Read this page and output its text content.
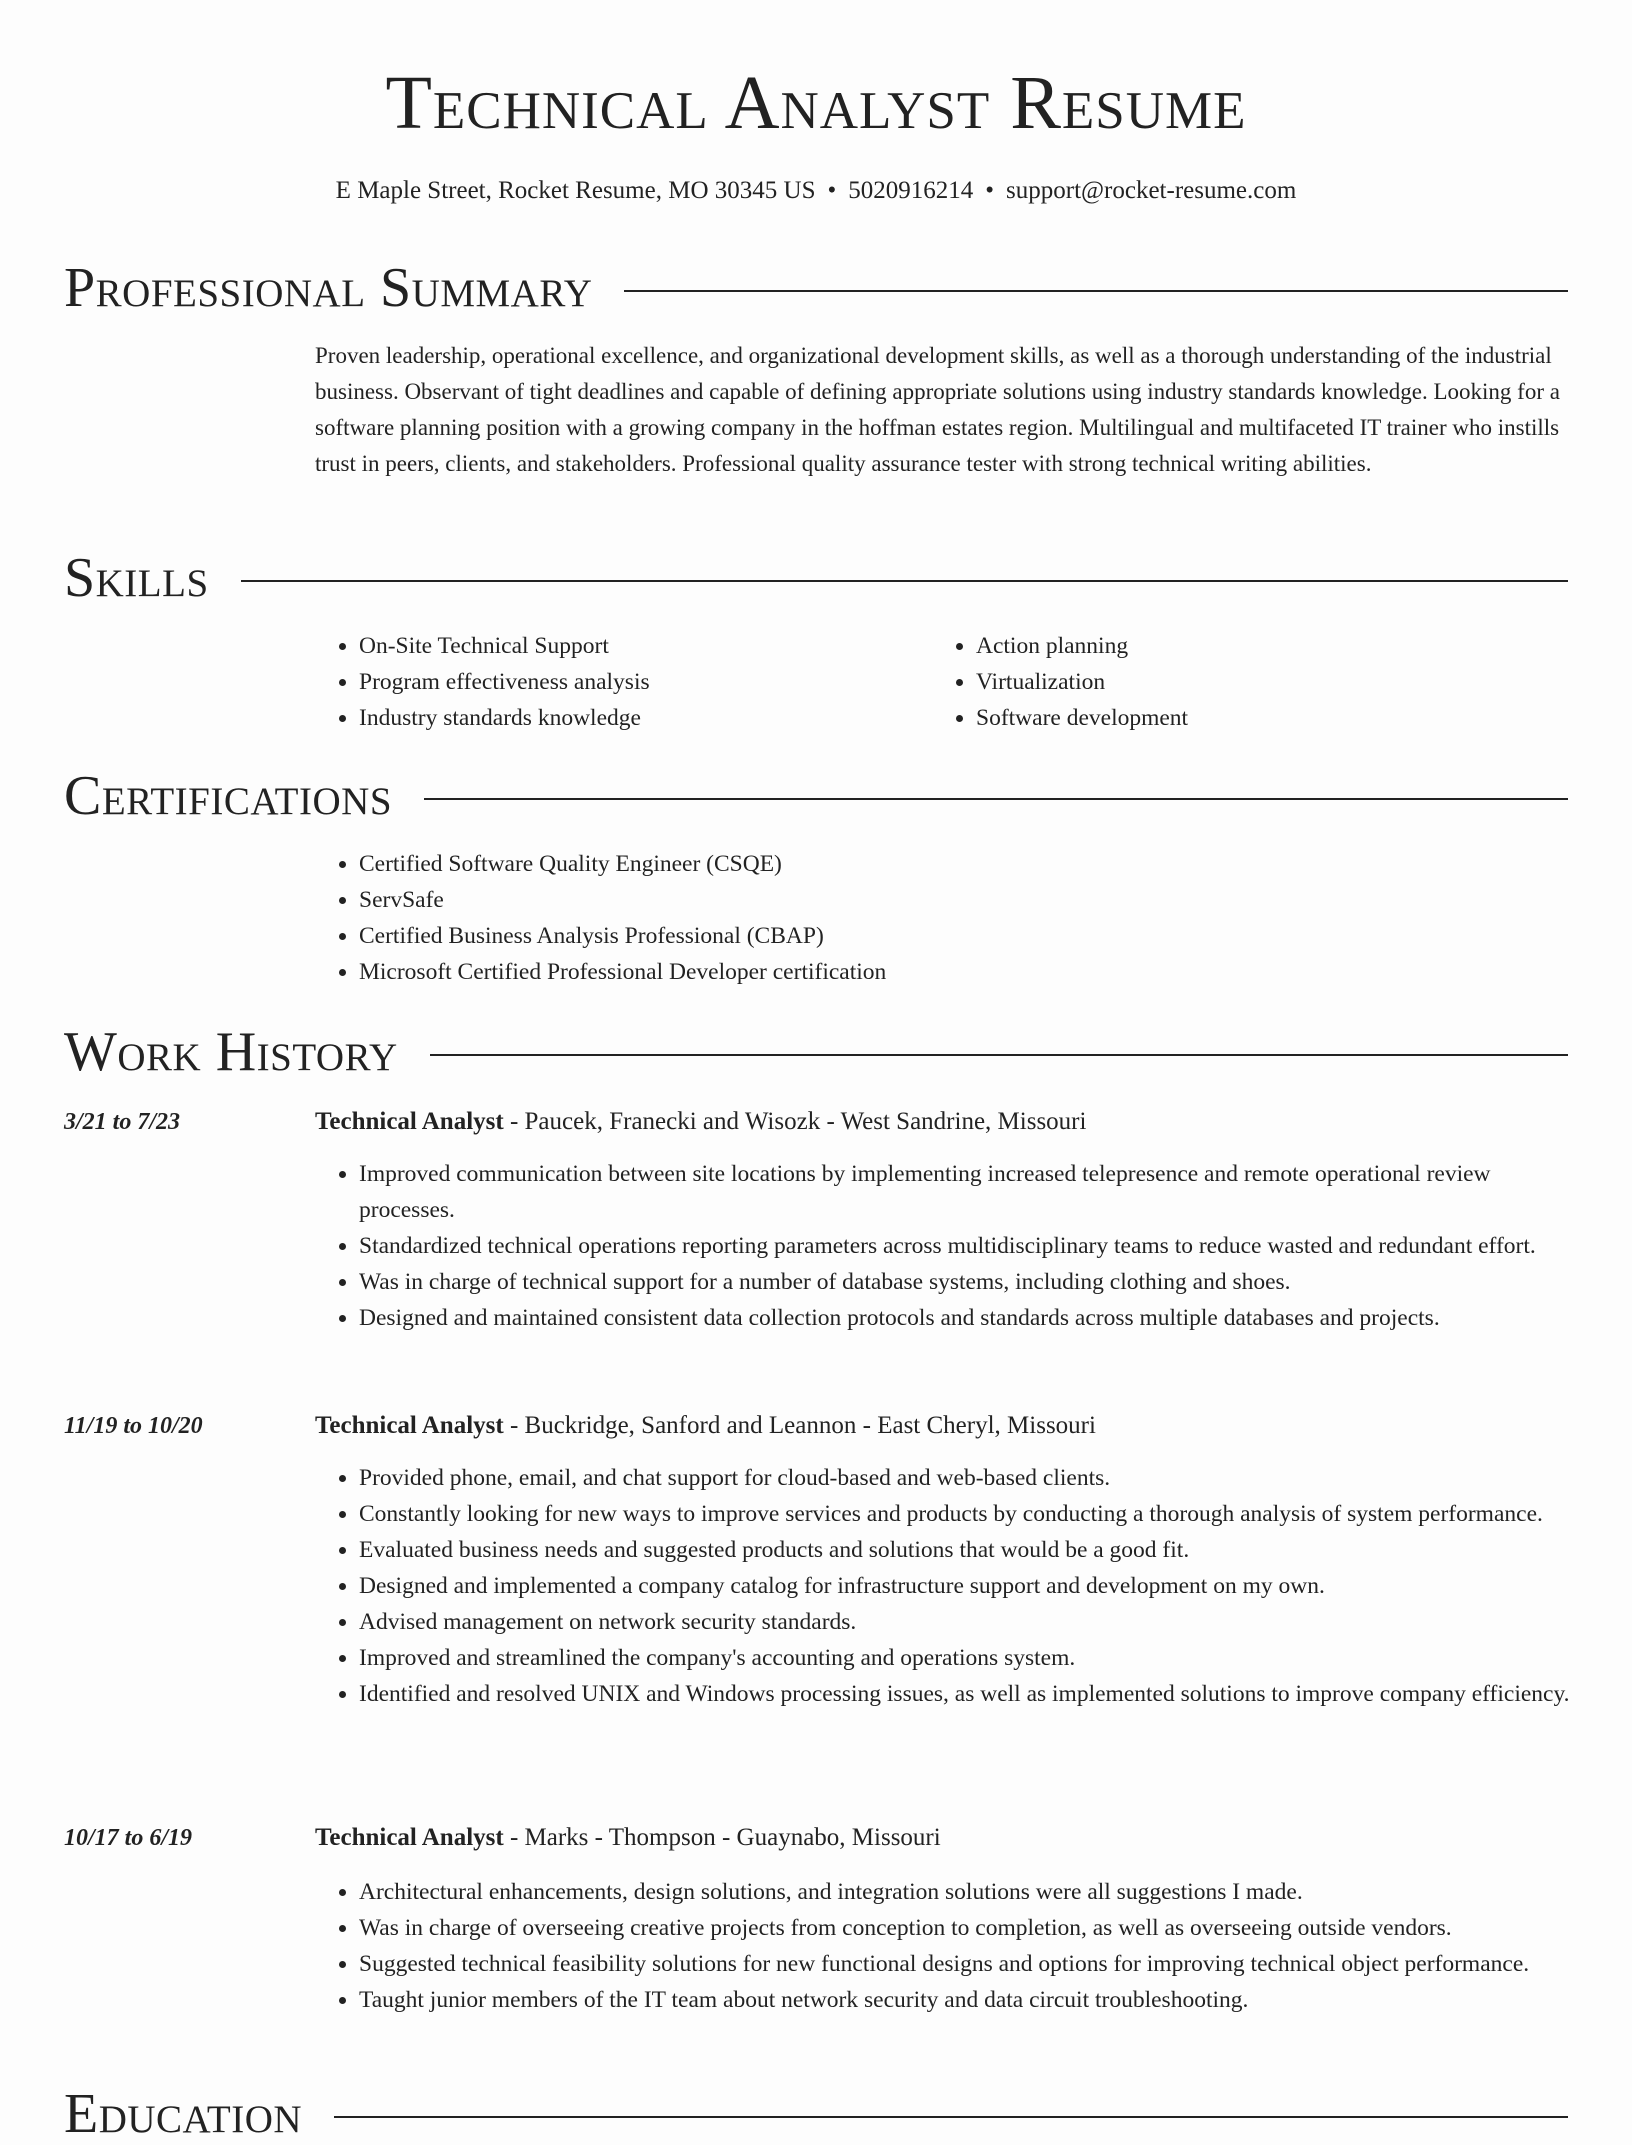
Technical Analyst Resume
E Maple Street, Rocket Resume, MO 30345 US • 5020916214 • support@rocket-resume.com
Professional Summary

Proven leadership, operational excellence, and organizational development skills, as well as a thorough understanding of the industrial business. Observant of tight deadlines and capable of defining appropriate solutions using industry standards knowledge. Looking for a software planning position with a growing company in the hoffman estates region. Multilingual and multifaceted IT trainer who instills trust in peers, clients, and stakeholders. Professional quality assurance tester with strong technical writing abilities.

Skills
• On-Site Technical Support
• Program effectiveness analysis
• Industry standards knowledge
• Action planning
• Virtualization
• Software development
Certifications
• Certified Software Quality Engineer (CSQE)
• ServSafe
• Certified Business Analysis Professional (CBAP)
• Microsoft Certified Professional Developer certification
Work History
3/21 to 7/23	Technical Analyst - Paucek, Franecki and Wisozk - West Sandrine, Missouri
• Improved communication between site locations by implementing increased telepresence and remote operational review processes.
• Standardized technical operations reporting parameters across multidisciplinary teams to reduce wasted and redundant effort.
• Was in charge of technical support for a number of database systems, including clothing and shoes.
• Designed and maintained consistent data collection protocols and standards across multiple databases and projects.
11/19 to 10/20	Technical Analyst - Buckridge, Sanford and Leannon - East Cheryl, Missouri
• Provided phone, email, and chat support for cloud-based and web-based clients.
• Constantly looking for new ways to improve services and products by conducting a thorough analysis of system performance.
• Evaluated business needs and suggested products and solutions that would be a good fit.
• Designed and implemented a company catalog for infrastructure support and development on my own.
• Advised management on network security standards.
• Improved and streamlined the company's accounting and operations system.
• Identified and resolved UNIX and Windows processing issues, as well as implemented solutions to improve company efficiency.
10/17 to 6/19	Technical Analyst - Marks - Thompson - Guaynabo, Missouri
• Architectural enhancements, design solutions, and integration solutions were all suggestions I made.
• Was in charge of overseeing creative projects from conception to completion, as well as overseeing outside vendors.
• Suggested technical feasibility solutions for new functional designs and options for improving technical object performance.
• Taught junior members of the IT team about network security and data circuit troubleshooting.
Education
